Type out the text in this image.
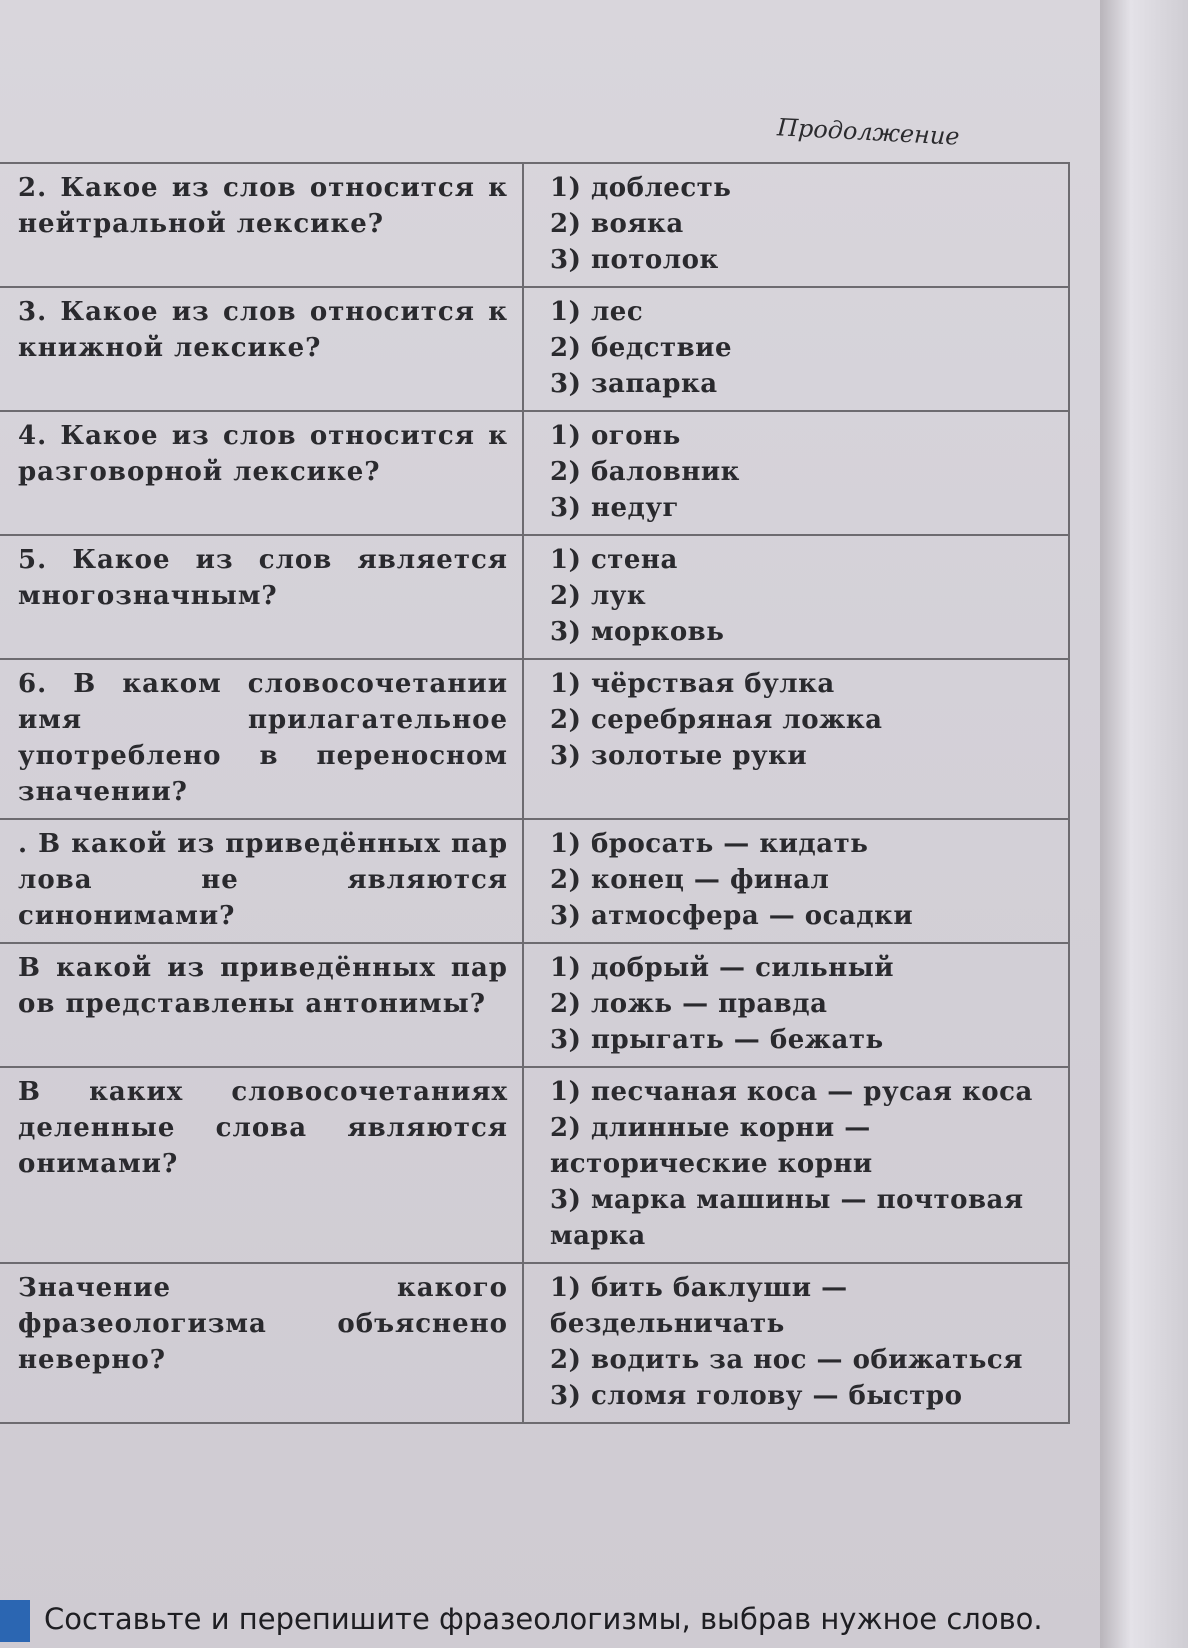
Продолжение
2. Какое из слов относится к нейтральной лексике?	1) доблесть
2) вояка
3) потолок

3. Какое из слов относится к книжной лексике?	1) лес
2) бедствие
3) запарка

4. Какое из слов относится к разговорной лексике?	1) огонь
2) баловник
3) недуг

5. Какое из слов является многозначным?	1) стена
2) лук
3) морковь

6. В каком словосочетании имя прилагательное употреблено в переносном значении?	1) чёрствая булка
2) серебряная ложка
3) золотые руки

. В какой из приведённых пар лова не являются синонимами?	1) бросать — кидать
2) конец — финал
3) атмосфера — осадки

В какой из приведённых пар ов представлены антонимы?	1) добрый — сильный
2) ложь — правда
3) прыгать — бежать

В каких словосочетаниях деленные слова являются онимами?	1) песчаная коса — русая коса
2) длинные корни — исторические корни
3) марка машины — почтовая марка

Значение какого фразеологизма объяснено неверно?	1) бить баклуши — бездельничать
2) водить за нос — обижаться
3) сломя голову — быстро
Составьте и перепишите фразеологизмы, выбрав нужное слово.
